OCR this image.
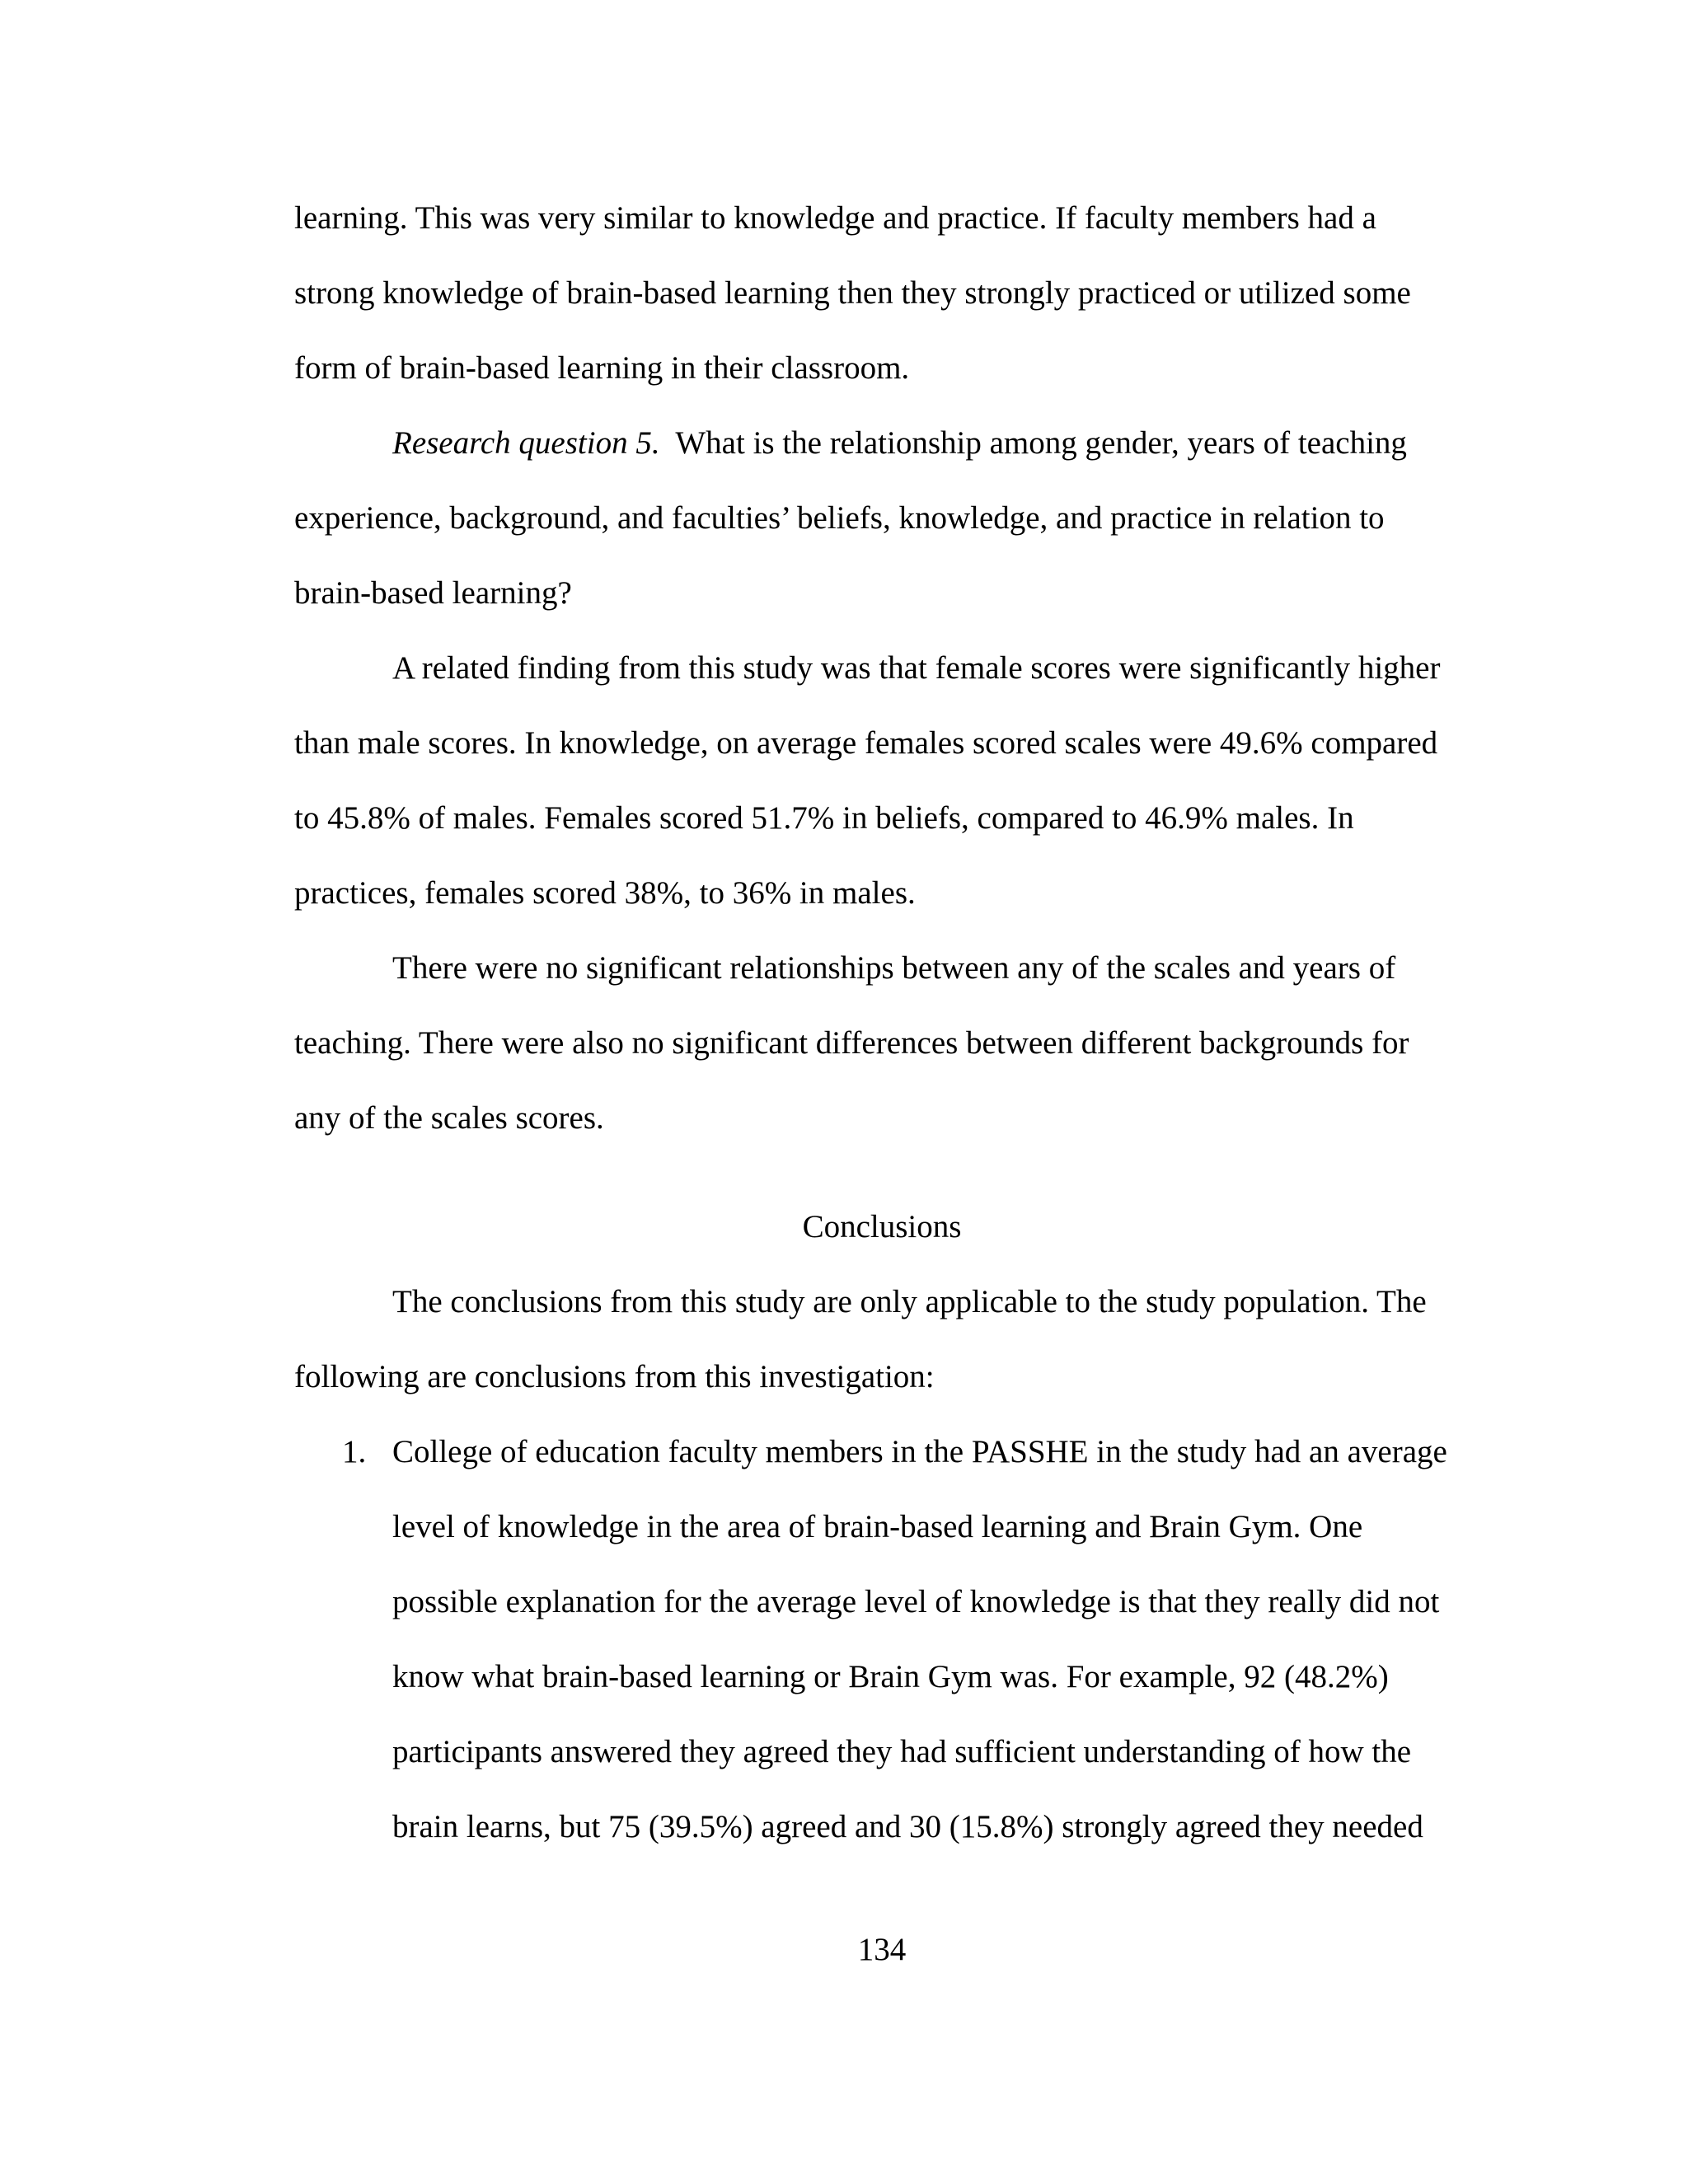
learning. This was very similar to knowledge and practice. If faculty members had a
strong knowledge of brain-based learning then they strongly practiced or utilized some
form of brain-based learning in their classroom.
Research question 5.  What is the relationship among gender, years of teaching
experience, background, and faculties’ beliefs, knowledge, and practice in relation to
brain-based learning?
A related finding from this study was that female scores were significantly higher
than male scores. In knowledge, on average females scored scales were 49.6% compared
to 45.8% of males. Females scored 51.7% in beliefs, compared to 46.9% males. In
practices, females scored 38%, to 36% in males.
There were no significant relationships between any of the scales and years of
teaching. There were also no significant differences between different backgrounds for
any of the scales scores.
Conclusions
The conclusions from this study are only applicable to the study population. The
following are conclusions from this investigation:
1. College of education faculty members in the PASSHE in the study had an average
level of knowledge in the area of brain-based learning and Brain Gym. One
possible explanation for the average level of knowledge is that they really did not
know what brain-based learning or Brain Gym was. For example, 92 (48.2%)
participants answered they agreed they had sufficient understanding of how the
brain learns, but 75 (39.5%) agreed and 30 (15.8%) strongly agreed they needed
134
